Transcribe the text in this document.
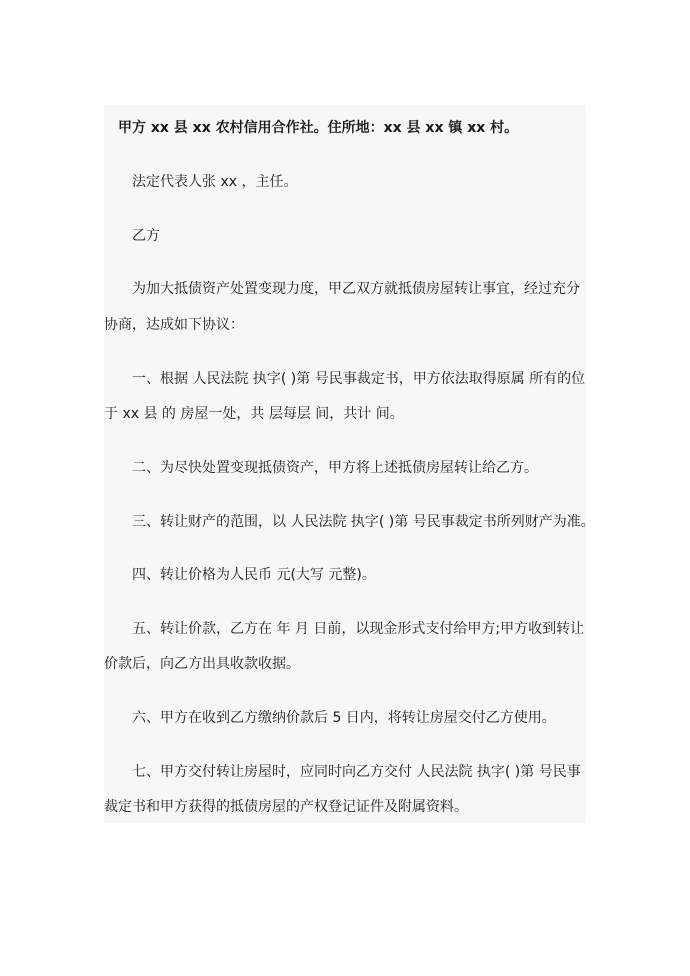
甲方 xx 县 xx 农村信用合作社。住所地：xx 县 xx 镇 xx 村。
法定代表人张 xx ，主任。
乙方
为加大抵债资产处置变现力度，甲乙双方就抵债房屋转让事宜，经过充分
协商，达成如下协议：
一、根据 人民法院 执字( )第 号民事裁定书，甲方依法取得原属 所有的位
于 xx 县 的 房屋一处，共 层每层 间，共计 间。
二、为尽快处置变现抵债资产，甲方将上述抵债房屋转让给乙方。
三、转让财产的范围，以 人民法院 执字( )第 号民事裁定书所列财产为准。
四、转让价格为人民币 元(大写 元整)。
五、转让价款，乙方在 年 月 日前，以现金形式支付给甲方;甲方收到转让
价款后，向乙方出具收款收据。
六、甲方在收到乙方缴纳价款后 5 日内，将转让房屋交付乙方使用。
七、甲方交付转让房屋时，应同时向乙方交付 人民法院 执字( )第 号民事
裁定书和甲方获得的抵债房屋的产权登记证件及附属资料。
